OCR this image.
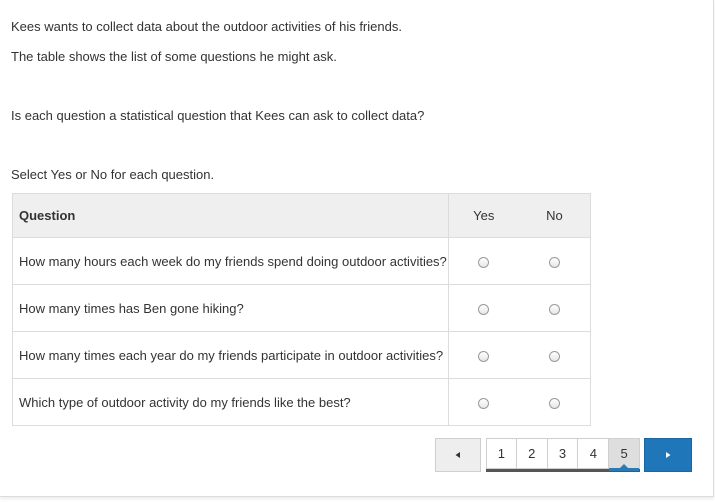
Kees wants to collect data about the outdoor activities of his friends.
The table shows the list of some questions he might ask.
Is each question a statistical question that Kees can ask to collect data?
Select Yes or No for each question.
Question	Yes	No
How many hours each week do my friends spend doing outdoor activities?		
How many times has Ben gone hiking?		
How many times each year do my friends participate in outdoor activities?		
Which type of outdoor activity do my friends like the best?		
1	2	3	4	5
